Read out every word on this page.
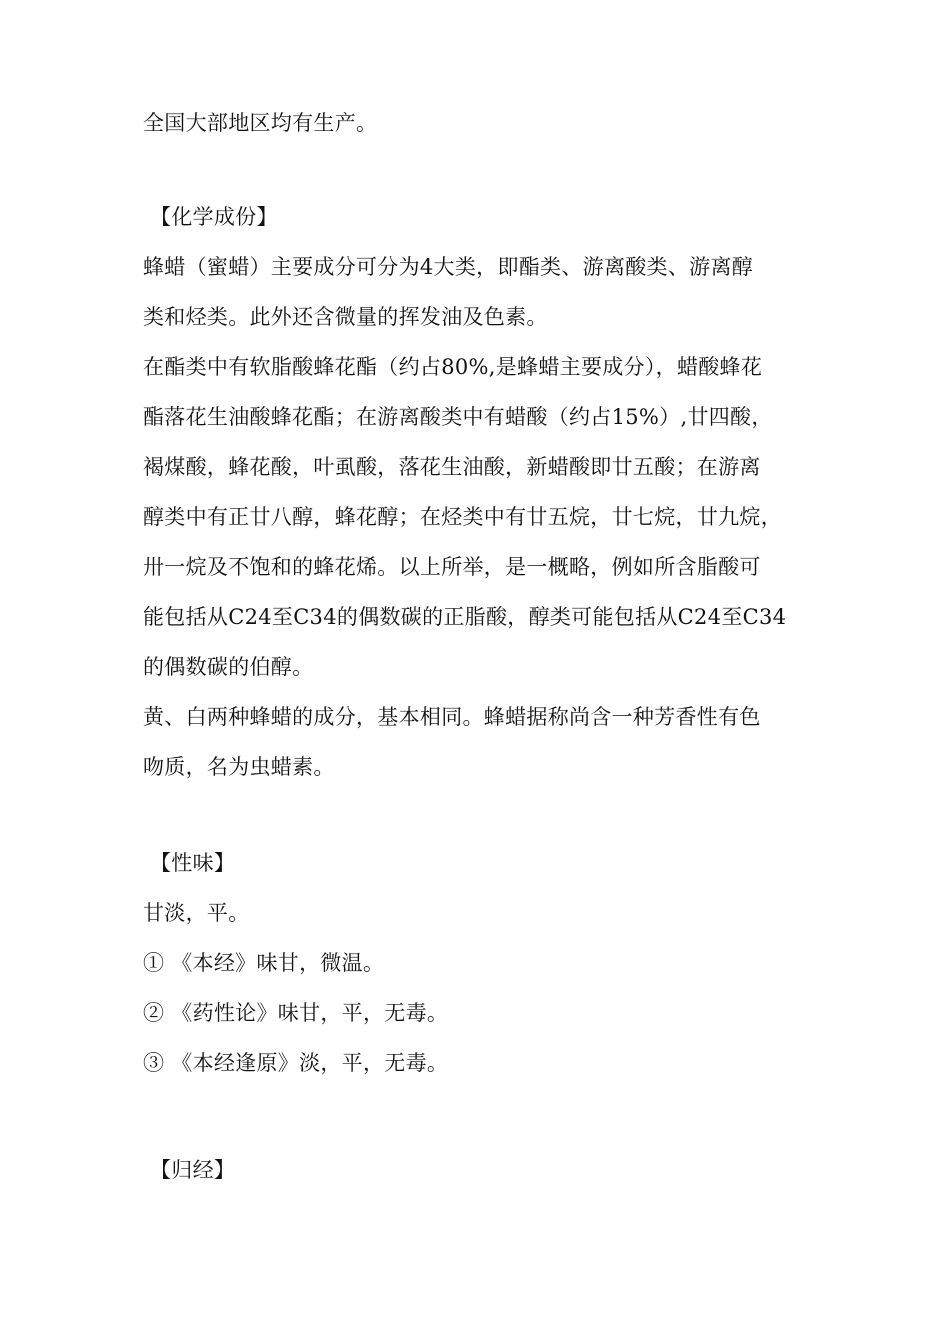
全国大部地区均有生产。
【化学成份】
蜂蜡（蜜蜡）主要成分可分为4大类，即酯类、游离酸类、游离醇
类和烃类。此外还含微量的挥发油及色素。
在酯类中有软脂酸蜂花酯（约占80%,是蜂蜡主要成分），蜡酸蜂花
酯落花生油酸蜂花酯；在游离酸类中有蜡酸（约占15%）,廿四酸，
褐煤酸，蜂花酸，叶虱酸，落花生油酸，新蜡酸即廿五酸；在游离
醇类中有正廿八醇，蜂花醇；在烃类中有廿五烷，廿七烷，廿九烷，
卅一烷及不饱和的蜂花烯。以上所举，是一概略，例如所含脂酸可
能包括从C24至C34的偶数碳的正脂酸，醇类可能包括从C24至C34
的偶数碳的伯醇。
黄、白两种蜂蜡的成分，基本相同。蜂蜡据称尚含一种芳香性有色
吻质，名为虫蜡素。
【性味】
甘淡，平。
① 《本经》味甘，微温。
② 《药性论》味甘，平，无毒。
③ 《本经逢原》淡，平，无毒。
【归经】
